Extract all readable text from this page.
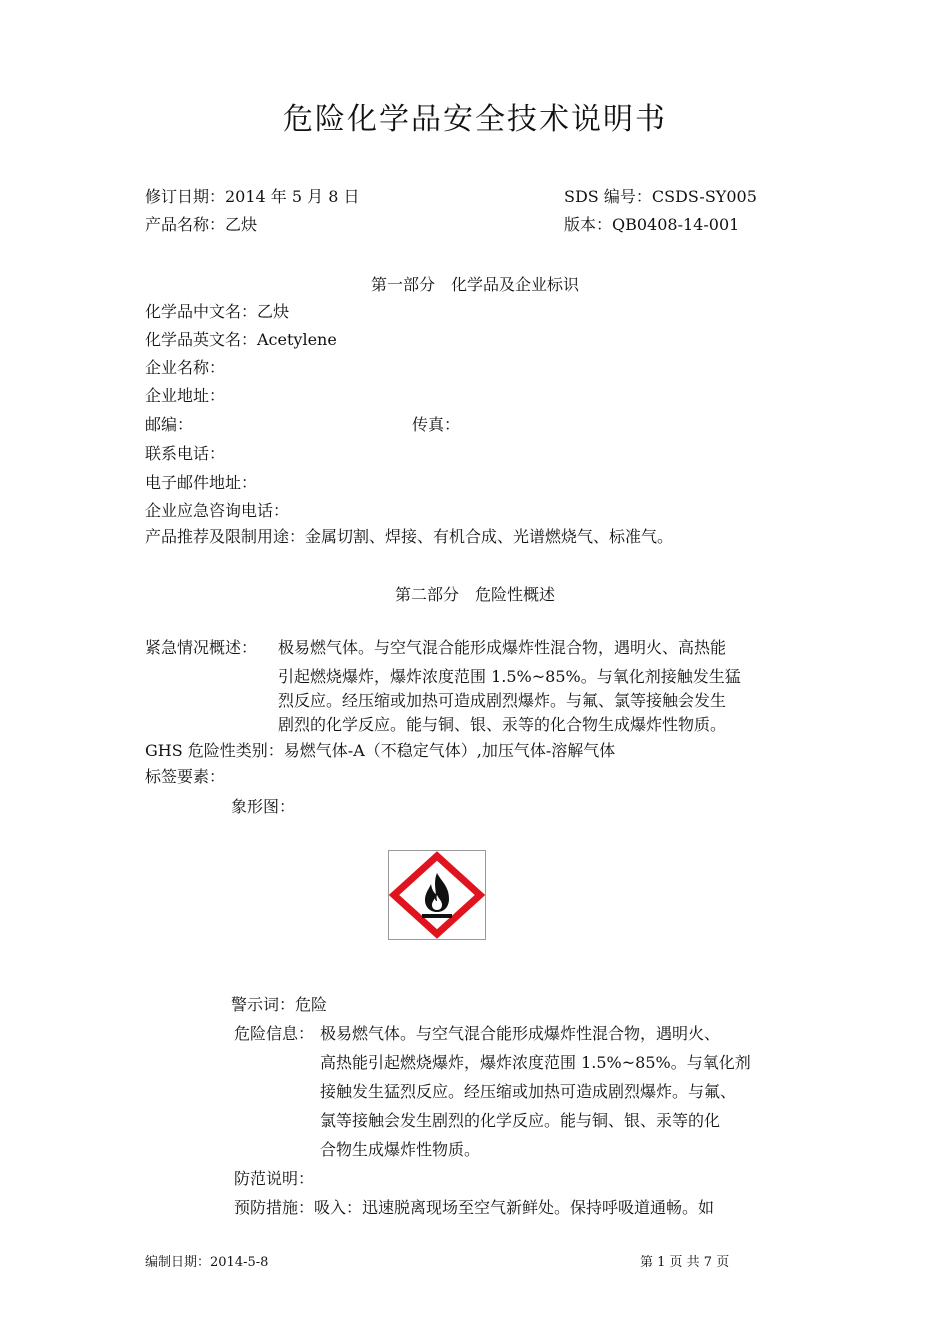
危险化学品安全技术说明书
修订日期：2014 年 5 月 8 日	SDS 编号：CSDS-SY005
产品名称：乙炔	版本：QB0408-14-001
第一部分　化学品及企业标识
化学品中文名：乙炔
化学品英文名：Acetylene
企业名称：
企业地址：
邮编：	传真：
联系电话：
电子邮件地址：
企业应急咨询电话：
产品推荐及限制用途：金属切割、焊接、有机合成、光谱燃烧气、标准气。
第二部分　危险性概述
紧急情况概述： 极易燃气体。与空气混合能形成爆炸性混合物，遇明火、高热能
引起燃烧爆炸，爆炸浓度范围 1.5%~85%。与氧化剂接触发生猛
烈反应。经压缩或加热可造成剧烈爆炸。与氟、氯等接触会发生
剧烈的化学反应。能与铜、银、汞等的化合物生成爆炸性物质。
GHS 危险性类别：易燃气体-A（不稳定气体）,加压气体-溶解气体
标签要素：
象形图：
警示词：危险
危险信息： 极易燃气体。与空气混合能形成爆炸性混合物，遇明火、
高热能引起燃烧爆炸，爆炸浓度范围 1.5%~85%。与氧化剂
接触发生猛烈反应。经压缩或加热可造成剧烈爆炸。与氟、
氯等接触会发生剧烈的化学反应。能与铜、银、汞等的化
合物生成爆炸性物质。
防范说明：
预防措施：吸入：迅速脱离现场至空气新鲜处。保持呼吸道通畅。如
编制日期：2014-5-8	第 1 页 共 7 页
